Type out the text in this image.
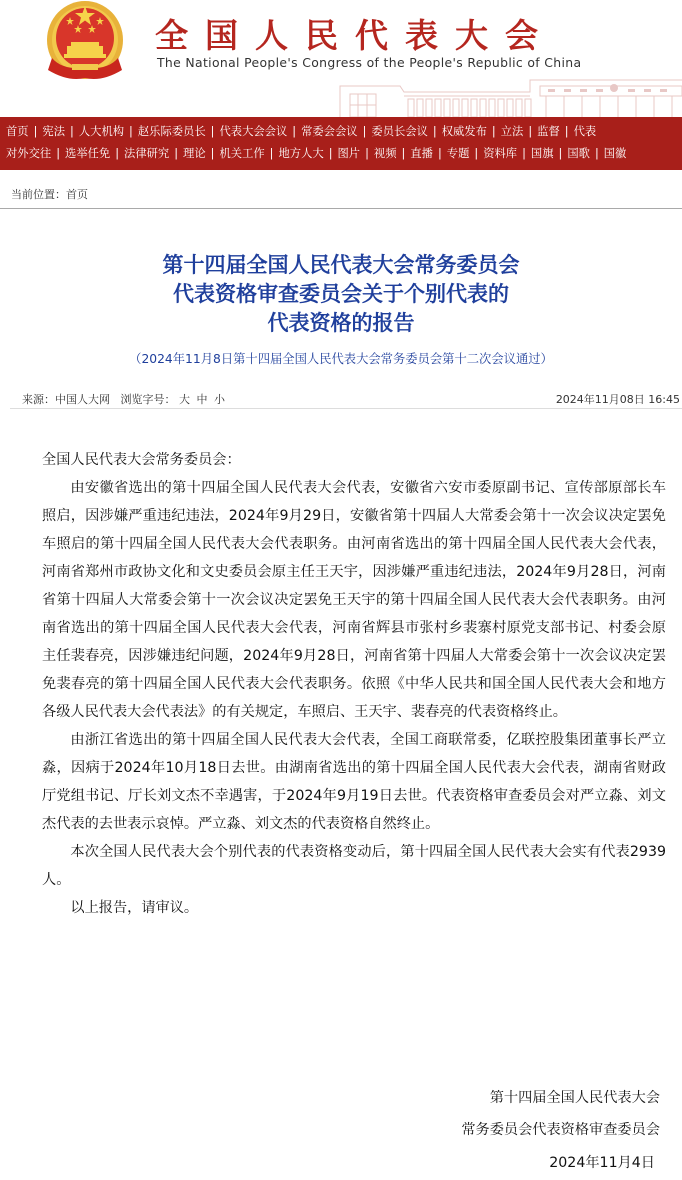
全国人民代表大会
The National People's Congress of the People's Republic of China
首页 | 宪法 | 人大机构 | 赵乐际委员长 | 代表大会会议 | 常委会会议 | 委员长会议 | 权威发布 | 立法 | 监督 | 代表
对外交往 | 选举任免 | 法律研究 | 理论 | 机关工作 | 地方人大 | 图片 | 视频 | 直播 | 专题 | 资料库 | 国旗 | 国歌 | 国徽
当前位置：首页
第十四届全国人民代表大会常务委员会
代表资格审查委员会关于个别代表的
代表资格的报告
（2024年11月8日第十四届全国人民代表大会常务委员会第十二次会议通过）
来源：中国人大网 浏览字号： 大 中 小	2024年11月08日 16:45

全国人民代表大会常务委员会：

由安徽省选出的第十四届全国人民代表大会代表，安徽省六安市委原副书记、宣传部原部长车照启，因涉嫌严重违纪违法，2024年9月29日，安徽省第十四届人大常委会第十一次会议决定罢免车照启的第十四届全国人民代表大会代表职务。由河南省选出的第十四届全国人民代表大会代表，河南省郑州市政协文化和文史委员会原主任王天宇，因涉嫌严重违纪违法，2024年9月28日，河南省第十四届人大常委会第十一次会议决定罢免王天宇的第十四届全国人民代表大会代表职务。由河南省选出的第十四届全国人民代表大会代表，河南省辉县市张村乡裴寨村原党支部书记、村委会原主任裴春亮，因涉嫌违纪问题，2024年9月28日，河南省第十四届人大常委会第十一次会议决定罢免裴春亮的第十四届全国人民代表大会代表职务。依照《中华人民共和国全国人民代表大会和地方各级人民代表大会代表法》的有关规定，车照启、王天宇、裴春亮的代表资格终止。

由浙江省选出的第十四届全国人民代表大会代表，全国工商联常委，亿联控股集团董事长严立淼，因病于2024年10月18日去世。由湖南省选出的第十四届全国人民代表大会代表，湖南省财政厅党组书记、厅长刘文杰不幸遇害，于2024年9月19日去世。代表资格审查委员会对严立淼、刘文杰代表的去世表示哀悼。严立淼、刘文杰的代表资格自然终止。

本次全国人民代表大会个别代表的代表资格变动后，第十四届全国人民代表大会实有代表2939人。

以上报告，请审议。

第十四届全国人民代表大会
常务委员会代表资格审查委员会
2024年11月4日
